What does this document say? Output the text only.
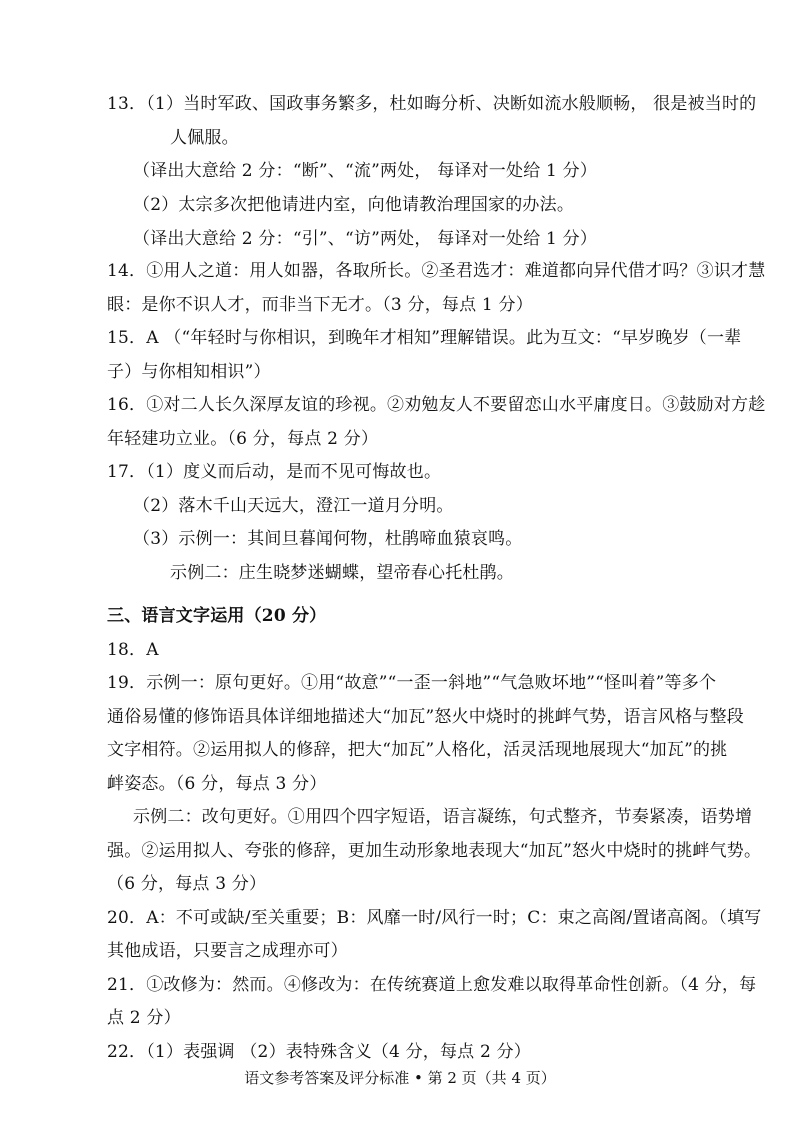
13．（1）当时军政、国政事务繁多，杜如晦分析、决断如流水般顺畅， 很是被当时的
人佩服。
（译出大意给 2 分：“断”、“流”两处， 每译对一处给 1 分）
（2）太宗多次把他请进内室，向他请教治理国家的办法。
（译出大意给 2 分：“引”、“访”两处， 每译对一处给 1 分）
14．①用人之道：用人如器，各取所长。②圣君选才：难道都向异代借才吗？③识才慧
眼：是你不识人才，而非当下无才。（3 分，每点 1 分）
15．A （“年轻时与你相识，到晚年才相知”理解错误。此为互文：“早岁晚岁（一辈
子）与你相知相识”）
16．①对二人长久深厚友谊的珍视。②劝勉友人不要留恋山水平庸度日。③鼓励对方趁
年轻建功立业。（6 分，每点 2 分）
17．（1）度义而后动，是而不见可悔故也。
（2）落木千山天远大，澄江一道月分明。
（3）示例一：其间旦暮闻何物，杜鹃啼血猿哀鸣。
示例二：庄生晓梦迷蝴蝶，望帝春心托杜鹃。
三、语言文字运用（20 分）
18．A
19．示例一：原句更好。①用“故意”“一歪一斜地”“气急败坏地”“怪叫着”等多个
通俗易懂的修饰语具体详细地描述大“加瓦”怒火中烧时的挑衅气势，语言风格与整段
文字相符。②运用拟人的修辞，把大“加瓦”人格化，活灵活现地展现大“加瓦”的挑
衅姿态。（6 分，每点 3 分）
示例二：改句更好。①用四个四字短语，语言凝练，句式整齐，节奏紧凑，语势增
强。②运用拟人、夸张的修辞，更加生动形象地表现大“加瓦”怒火中烧时的挑衅气势。
（6 分，每点 3 分）
20．A：不可或缺/至关重要；B：风靡一时/风行一时；C：束之高阁/置诸高阁。（填写
其他成语，只要言之成理亦可）
21．①改修为：然而。④修改为：在传统赛道上愈发难以取得革命性创新。（4 分，每
点 2 分）
22．（1）表强调 （2）表特殊含义（4 分，每点 2 分）
语文参考答案及评分标准 • 第 2 页（共 4 页）
